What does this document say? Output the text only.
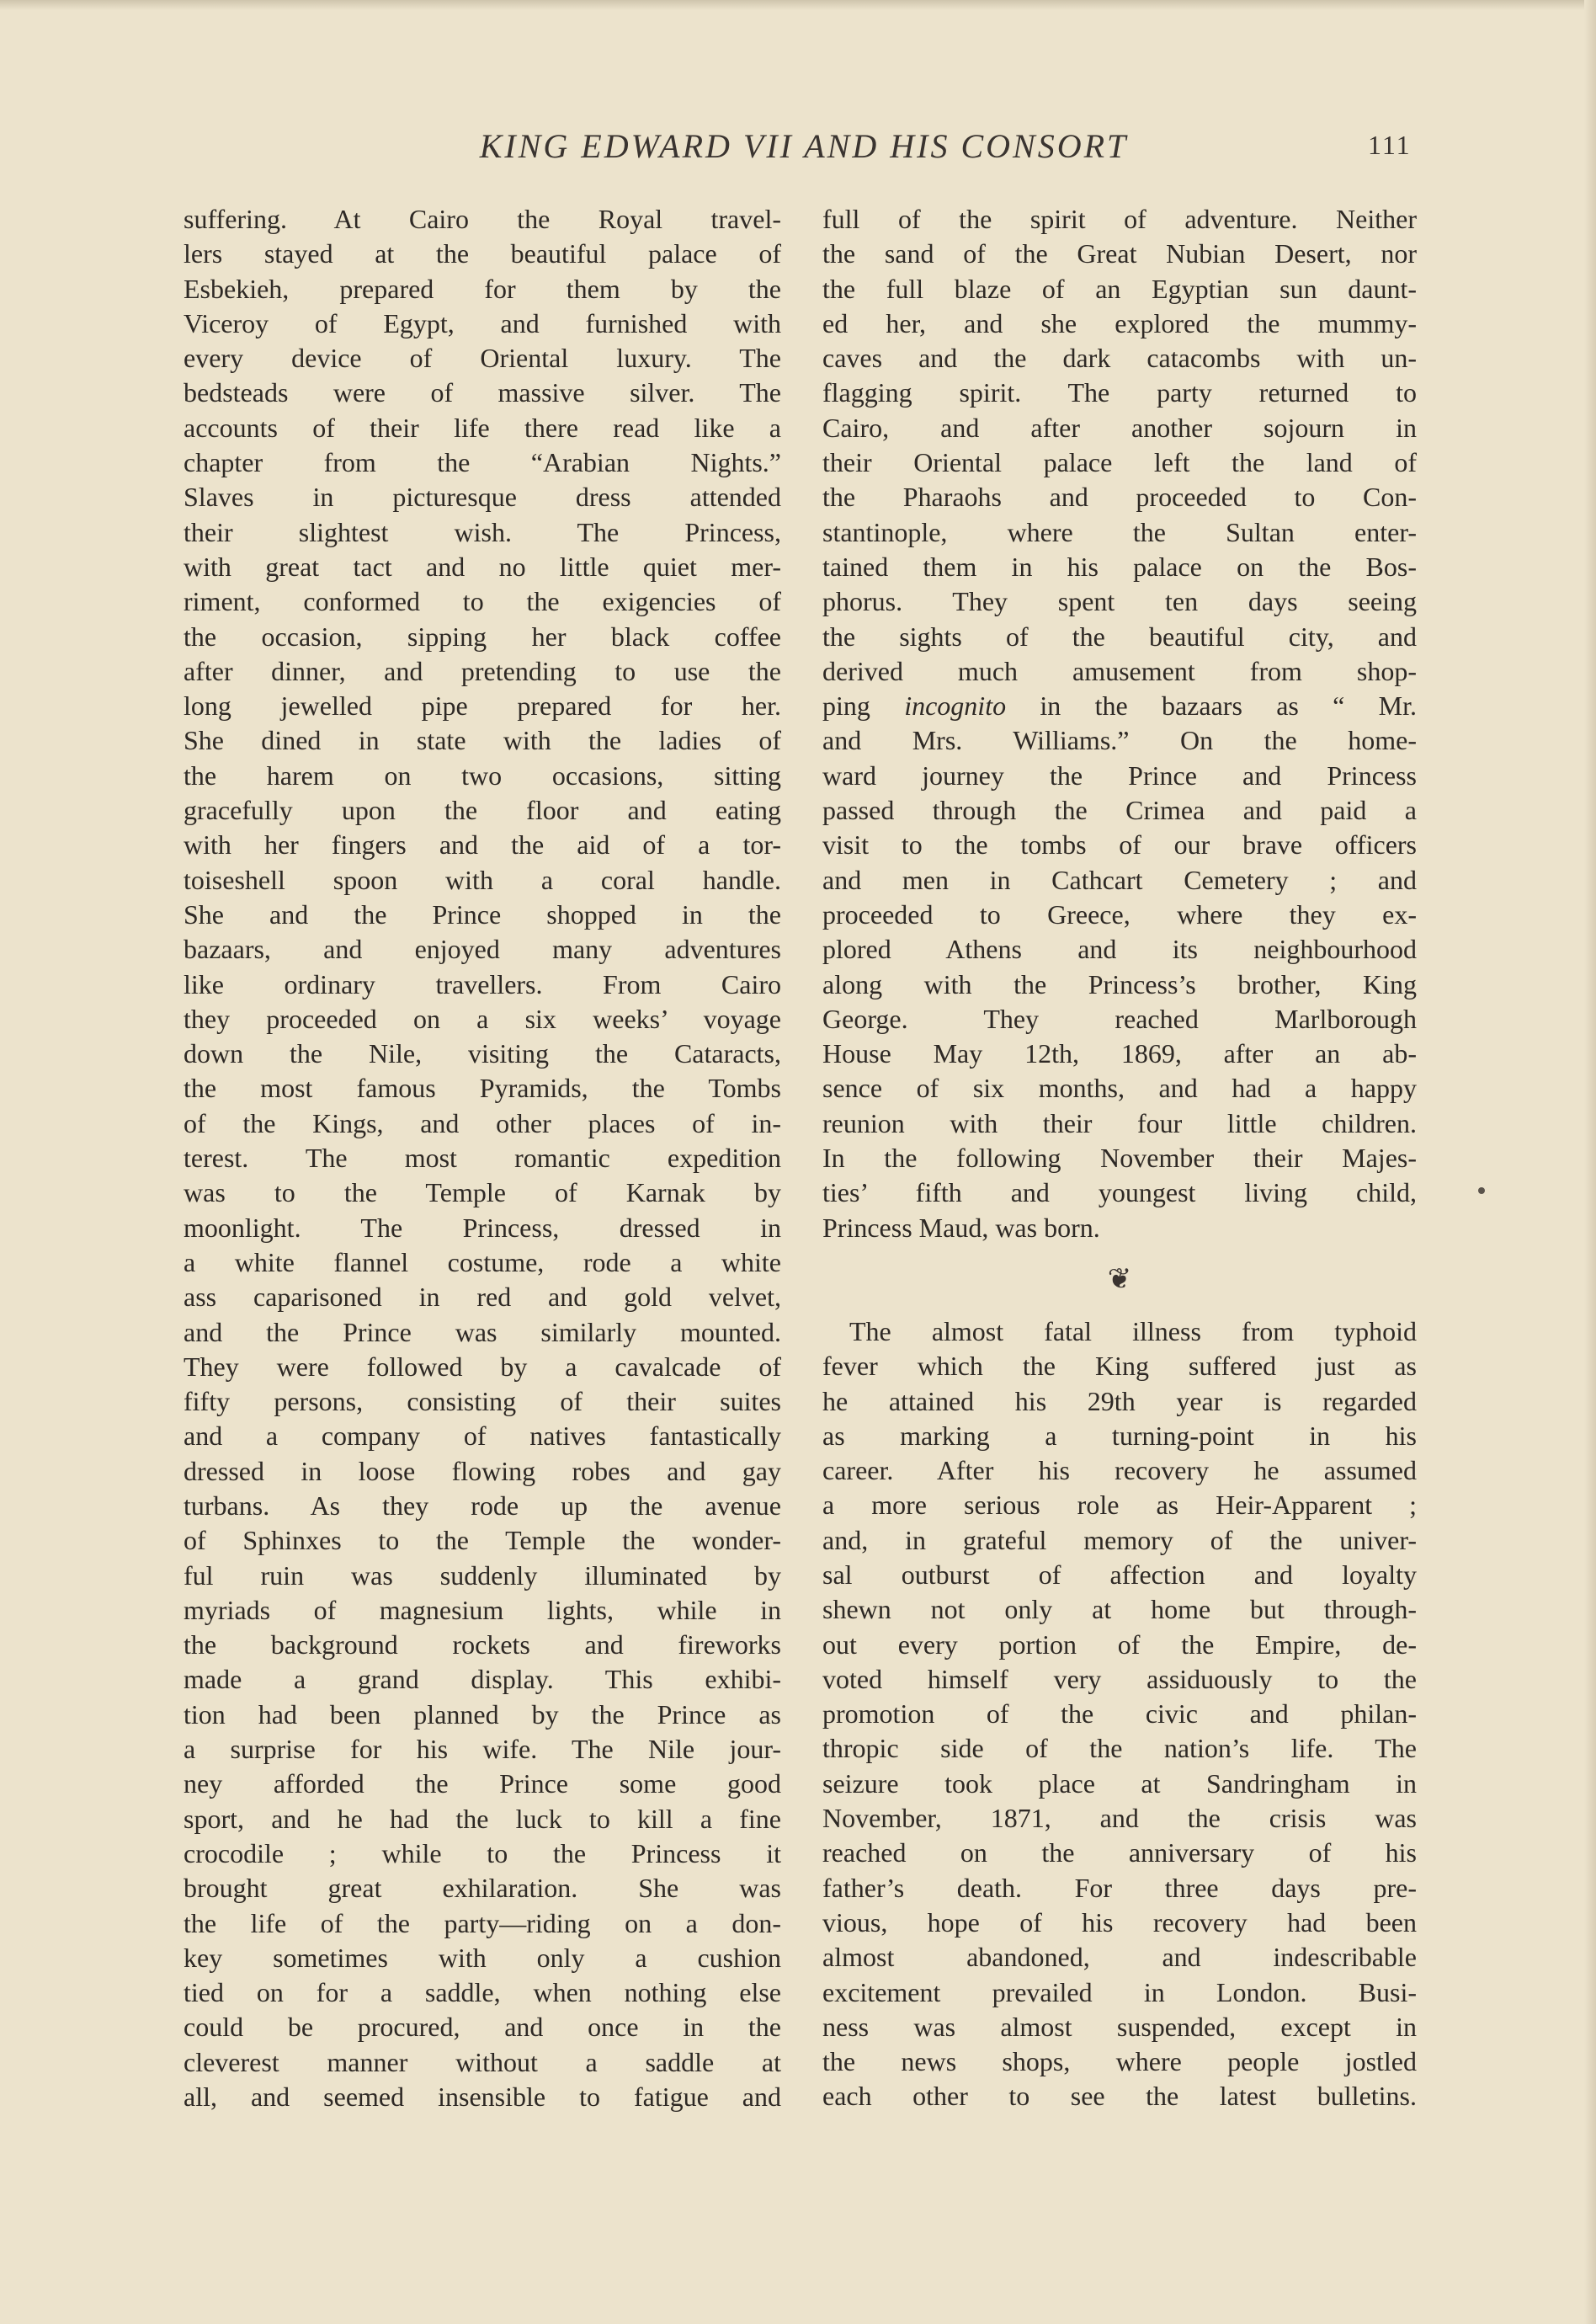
KING EDWARD VII AND HIS CONSORT	111
suffering. At Cairo the Royal travel-
lers stayed at the beautiful palace of
Esbekieh, prepared for them by the
Viceroy of Egypt, and furnished with
every device of Oriental luxury. The
bedsteads were of massive silver. The
accounts of their life there read like a
chapter from the “Arabian Nights.”
Slaves in picturesque dress attended
their slightest wish. The Princess,
with great tact and no little quiet mer-
riment, conformed to the exigencies of
the occasion, sipping her black coffee
after dinner, and pretending to use the
long jewelled pipe prepared for her.
She dined in state with the ladies of
the harem on two occasions, sitting
gracefully upon the floor and eating
with her fingers and the aid of a tor-
toiseshell spoon with a coral handle.
She and the Prince shopped in the
bazaars, and enjoyed many adventures
like ordinary travellers. From Cairo
they proceeded on a six weeks’ voyage
down the Nile, visiting the Cataracts,
the most famous Pyramids, the Tombs
of the Kings, and other places of in-
terest. The most romantic expedition
was to the Temple of Karnak by
moonlight. The Princess, dressed in
a white flannel costume, rode a white
ass caparisoned in red and gold velvet,
and the Prince was similarly mounted.
They were followed by a cavalcade of
fifty persons, consisting of their suites
and a company of natives fantastically
dressed in loose flowing robes and gay
turbans. As they rode up the avenue
of Sphinxes to the Temple the wonder-
ful ruin was suddenly illuminated by
myriads of magnesium lights, while in
the background rockets and fireworks
made a grand display. This exhibi-
tion had been planned by the Prince as
a surprise for his wife. The Nile jour-
ney afforded the Prince some good
sport, and he had the luck to kill a fine
crocodile ; while to the Princess it
brought great exhilaration. She was
the life of the party—riding on a don-
key sometimes with only a cushion
tied on for a saddle, when nothing else
could be procured, and once in the
cleverest manner without a saddle at
all, and seemed insensible to fatigue and
full of the spirit of adventure. Neither
the sand of the Great Nubian Desert, nor
the full blaze of an Egyptian sun daunt-
ed her, and she explored the mummy-
caves and the dark catacombs with un-
flagging spirit. The party returned to
Cairo, and after another sojourn in
their Oriental palace left the land of
the Pharaohs and proceeded to Con-
stantinople, where the Sultan enter-
tained them in his palace on the Bos-
phorus. They spent ten days seeing
the sights of the beautiful city, and
derived much amusement from shop-
ping incognito in the bazaars as “ Mr.
and Mrs. Williams.” On the home-
ward journey the Prince and Princess
passed through the Crimea and paid a
visit to the tombs of our brave officers
and men in Cathcart Cemetery ; and
proceeded to Greece, where they ex-
plored Athens and its neighbourhood
along with the Princess’s brother, King
George. They reached Marlborough
House May 12th, 1869, after an ab-
sence of six months, and had a happy
reunion with their four little children.
In the following November their Majes-
ties’ fifth and youngest living child,
Princess Maud, was born.
❦
The almost fatal illness from typhoid
fever which the King suffered just as
he attained his 29th year is regarded
as marking a turning-point in his
career. After his recovery he assumed
a more serious role as Heir-Apparent ;
and, in grateful memory of the univer-
sal outburst of affection and loyalty
shewn not only at home but through-
out every portion of the Empire, de-
voted himself very assiduously to the
promotion of the civic and philan-
thropic side of the nation’s life. The
seizure took place at Sandringham in
November, 1871, and the crisis was
reached on the anniversary of his
father’s death. For three days pre-
vious, hope of his recovery had been
almost abandoned, and indescribable
excitement prevailed in London. Busi-
ness was almost suspended, except in
the news shops, where people jostled
each other to see the latest bulletins.
